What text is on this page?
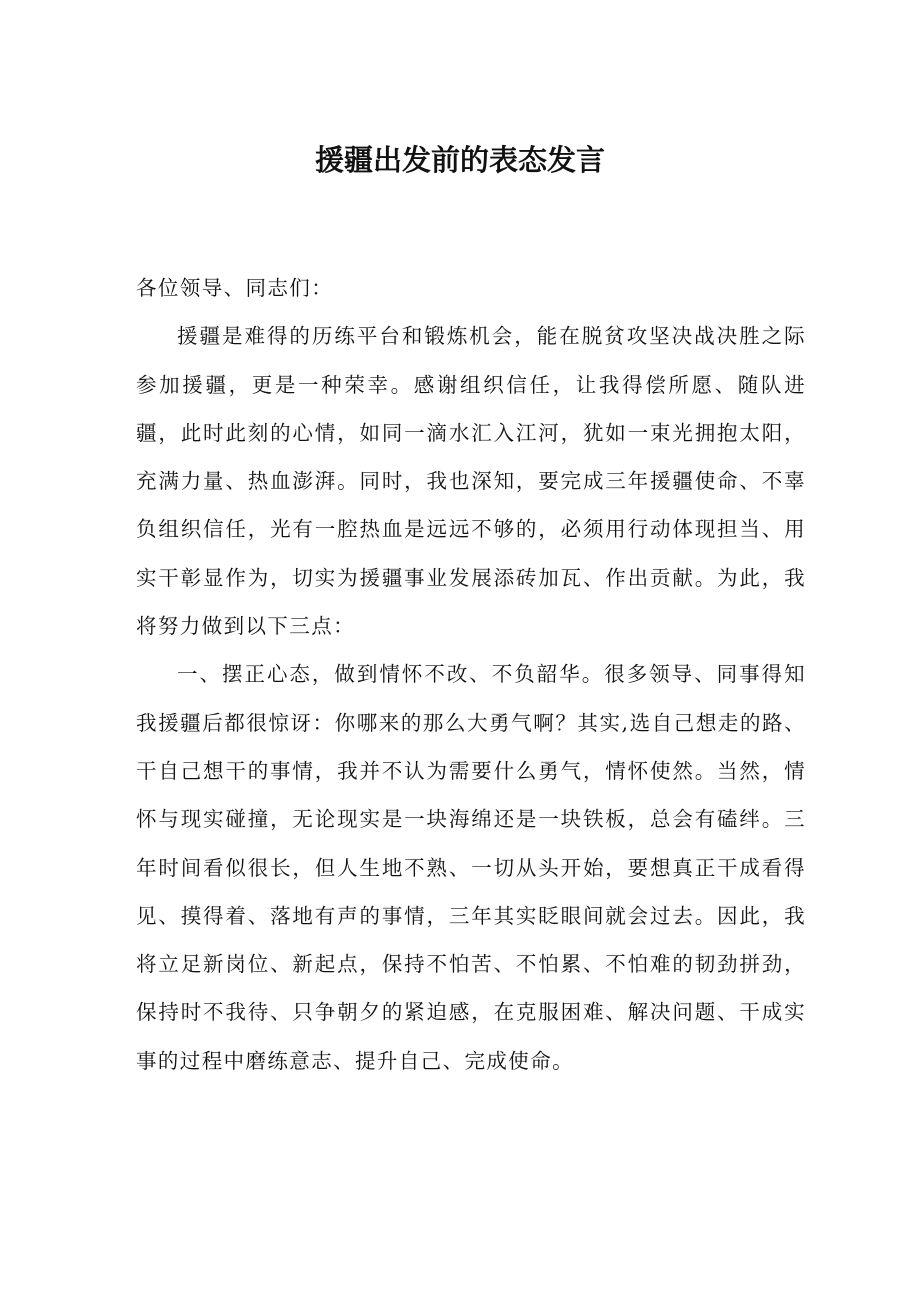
援疆出发前的表态发言

各位领导、同志们：

援疆是难得的历练平台和锻炼机会，能在脱贫攻坚决战决胜之际参加援疆，更是一种荣幸。感谢组织信任，让我得偿所愿、随队进疆，此时此刻的心情，如同一滴水汇入江河，犹如一束光拥抱太阳，充满力量、热血澎湃。同时，我也深知，要完成三年援疆使命、不辜负组织信任，光有一腔热血是远远不够的，必须用行动体现担当、用实干彰显作为，切实为援疆事业发展添砖加瓦、作出贡献。为此，我将努力做到以下三点：

一、摆正心态，做到情怀不改、不负韶华。很多领导、同事得知我援疆后都很惊讶：你哪来的那么大勇气啊？其实,选自己想走的路、干自己想干的事情，我并不认为需要什么勇气，情怀使然。当然，情怀与现实碰撞，无论现实是一块海绵还是一块铁板，总会有磕绊。三年时间看似很长，但人生地不熟、一切从头开始，要想真正干成看得见、摸得着、落地有声的事情，三年其实眨眼间就会过去。因此，我将立足新岗位、新起点，保持不怕苦、不怕累、不怕难的韧劲拼劲，保持时不我待、只争朝夕的紧迫感，在克服困难、解决问题、干成实事的过程中磨练意志、提升自己、完成使命。
